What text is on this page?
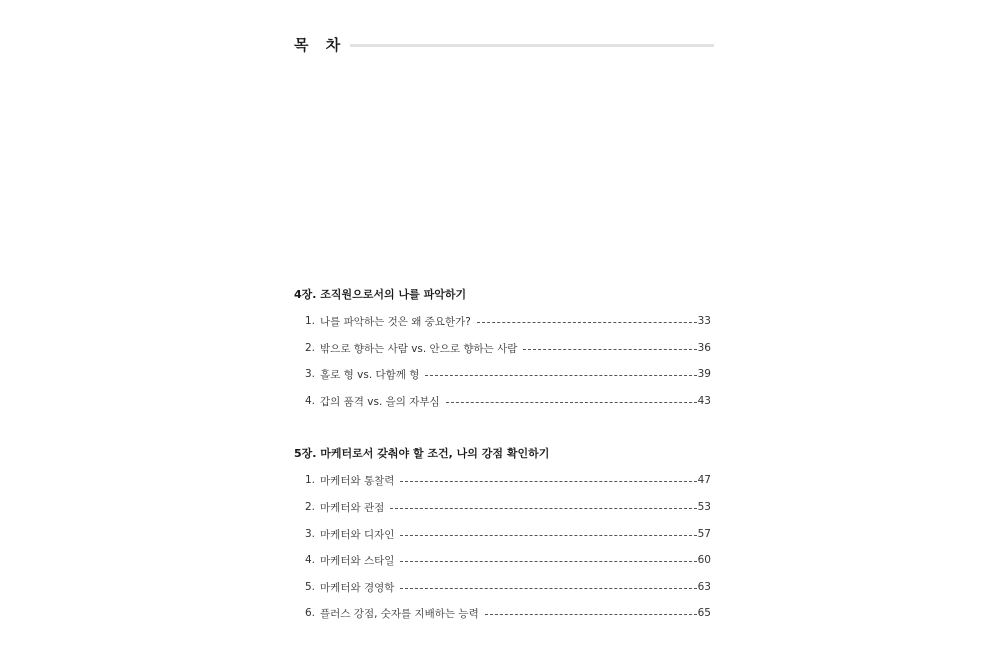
목 차
4장. 조직원으로서의 나를 파악하기
1. 나를 파악하는 것은 왜 중요한가?	33
2. 밖으로 향하는 사람 vs. 안으로 향하는 사람	36
3. 홀로 형 vs. 다함께 형	39
4. 갑의 품격 vs. 을의 자부심	43
5장. 마케터로서 갖춰야 할 조건, 나의 강점 확인하기
1. 마케터와 통찰력	47
2. 마케터와 관점	53
3. 마케터와 디자인	57
4. 마케터와 스타일	60
5. 마케터와 경영학	63
6. 플러스 강점, 숫자를 지배하는 능력	65
